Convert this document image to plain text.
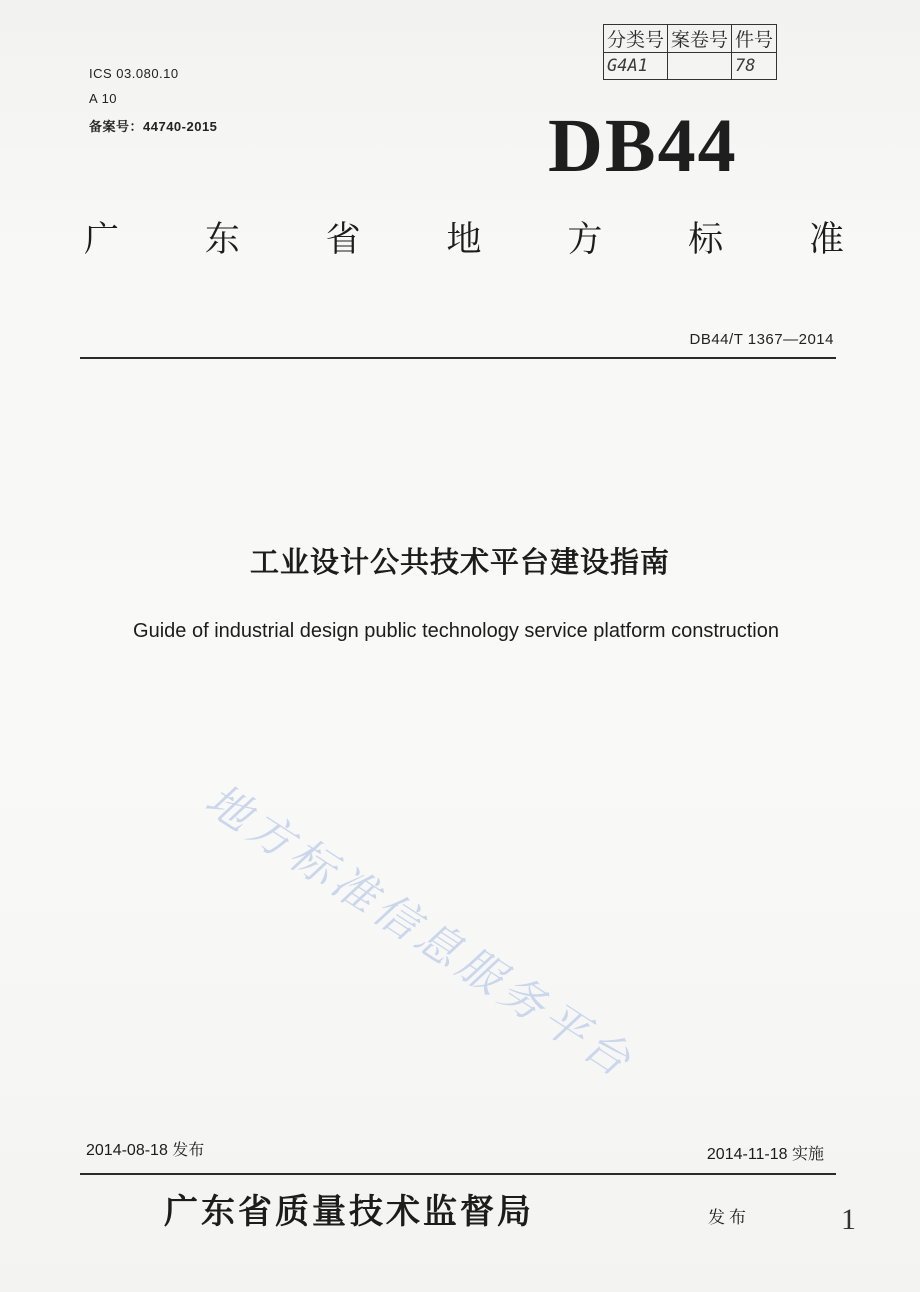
分类号	案卷号	件号
G4A1		78
ICS 03.080.10
A 10
备案号：44740-2015	DB44
广 东 省 地 方 标 准
DB44/T 1367—2014
工业设计公共技术平台建设指南
Guide of industrial design public technology service platform construction
地方标准信息服务平台
2014-08-18 发布	2014-11-18 实施
广东省质量技术监督局	发布	1
